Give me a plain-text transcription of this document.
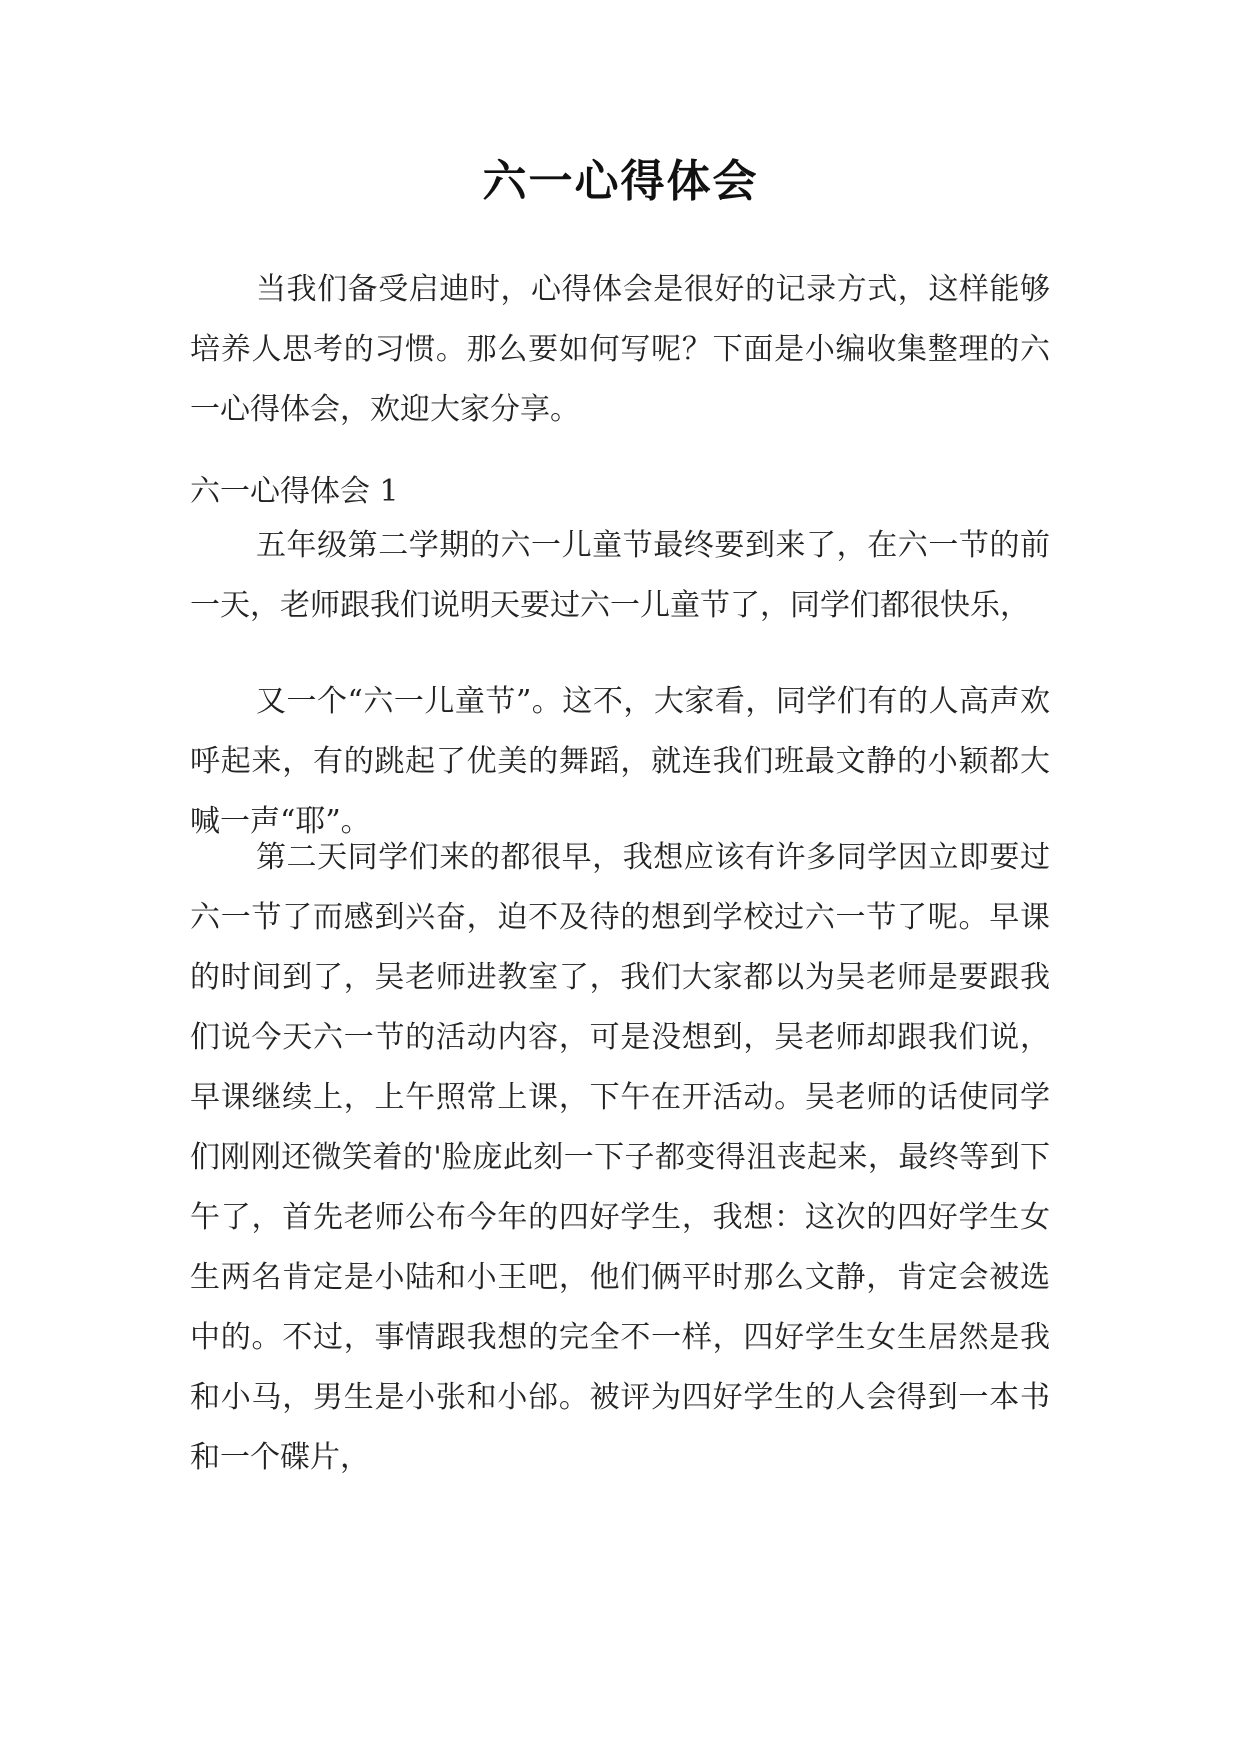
六一心得体会

当我们备受启迪时，心得体会是很好的记录方式，这样能够培养人思考的习惯。那么要如何写呢？下面是小编收集整理的六一心得体会，欢迎大家分享。

六一心得体会 1

五年级第二学期的六一儿童节最终要到来了，在六一节的前一天，老师跟我们说明天要过六一儿童节了，同学们都很快乐，

又一个“六一儿童节”。这不，大家看，同学们有的人高声欢呼起来，有的跳起了优美的舞蹈，就连我们班最文静的小颖都大喊一声“耶”。

第二天同学们来的都很早，我想应该有许多同学因立即要过六一节了而感到兴奋，迫不及待的想到学校过六一节了呢。早课的时间到了，吴老师进教室了，我们大家都以为吴老师是要跟我们说今天六一节的活动内容，可是没想到，吴老师却跟我们说，早课继续上，上午照常上课，下午在开活动。吴老师的话使同学们刚刚还微笑着的'脸庞此刻一下子都变得沮丧起来，最终等到下午了，首先老师公布今年的四好学生，我想：这次的四好学生女生两名肯定是小陆和小王吧，他们俩平时那么文静，肯定会被选中的。不过，事情跟我想的完全不一样，四好学生女生居然是我和小马，男生是小张和小邰。被评为四好学生的人会得到一本书和一个碟片，
